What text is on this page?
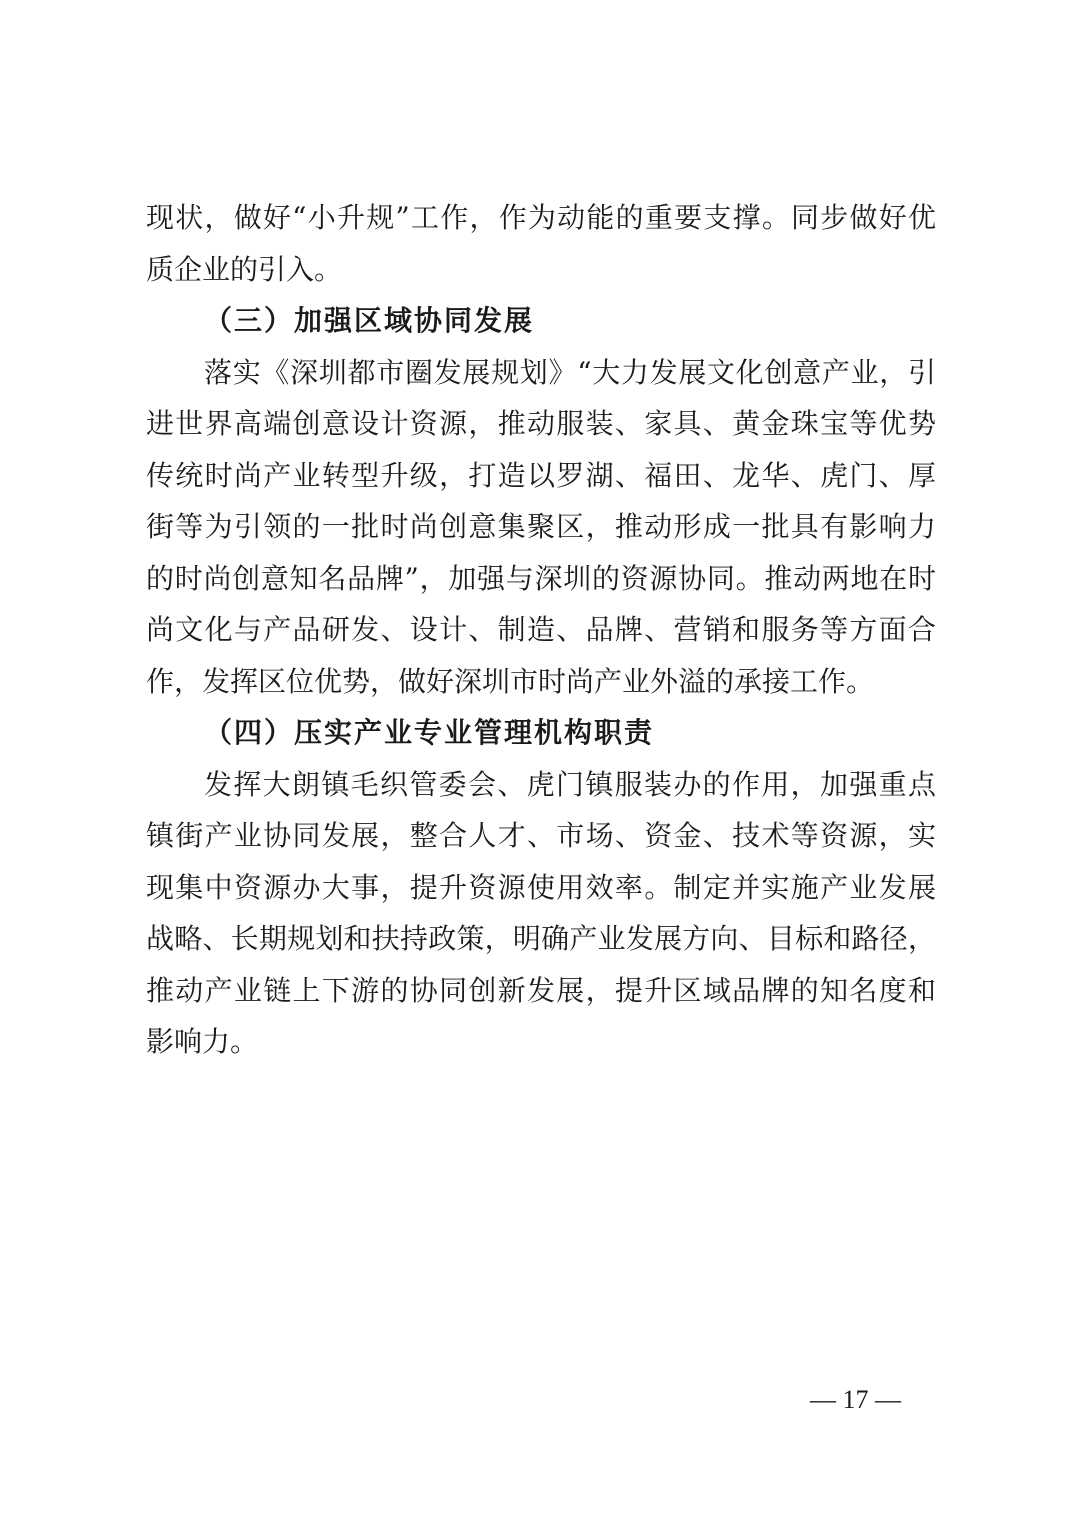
现状，做好“小升规”工作，作为动能的重要支撑。同步做好优
质企业的引入。
（三）加强区域协同发展
落实《深圳都市圈发展规划》“大力发展文化创意产业，引
进世界高端创意设计资源，推动服装、家具、黄金珠宝等优势
传统时尚产业转型升级，打造以罗湖、福田、龙华、虎门、厚
街等为引领的一批时尚创意集聚区，推动形成一批具有影响力
的时尚创意知名品牌”，加强与深圳的资源协同。推动两地在时
尚文化与产品研发、设计、制造、品牌、营销和服务等方面合
作，发挥区位优势，做好深圳市时尚产业外溢的承接工作。
（四）压实产业专业管理机构职责
发挥大朗镇毛织管委会、虎门镇服装办的作用，加强重点
镇街产业协同发展，整合人才、市场、资金、技术等资源，实
现集中资源办大事，提升资源使用效率。制定并实施产业发展
战略、长期规划和扶持政策，明确产业发展方向、目标和路径，
推动产业链上下游的协同创新发展，提升区域品牌的知名度和
影响力。
— 17 —
